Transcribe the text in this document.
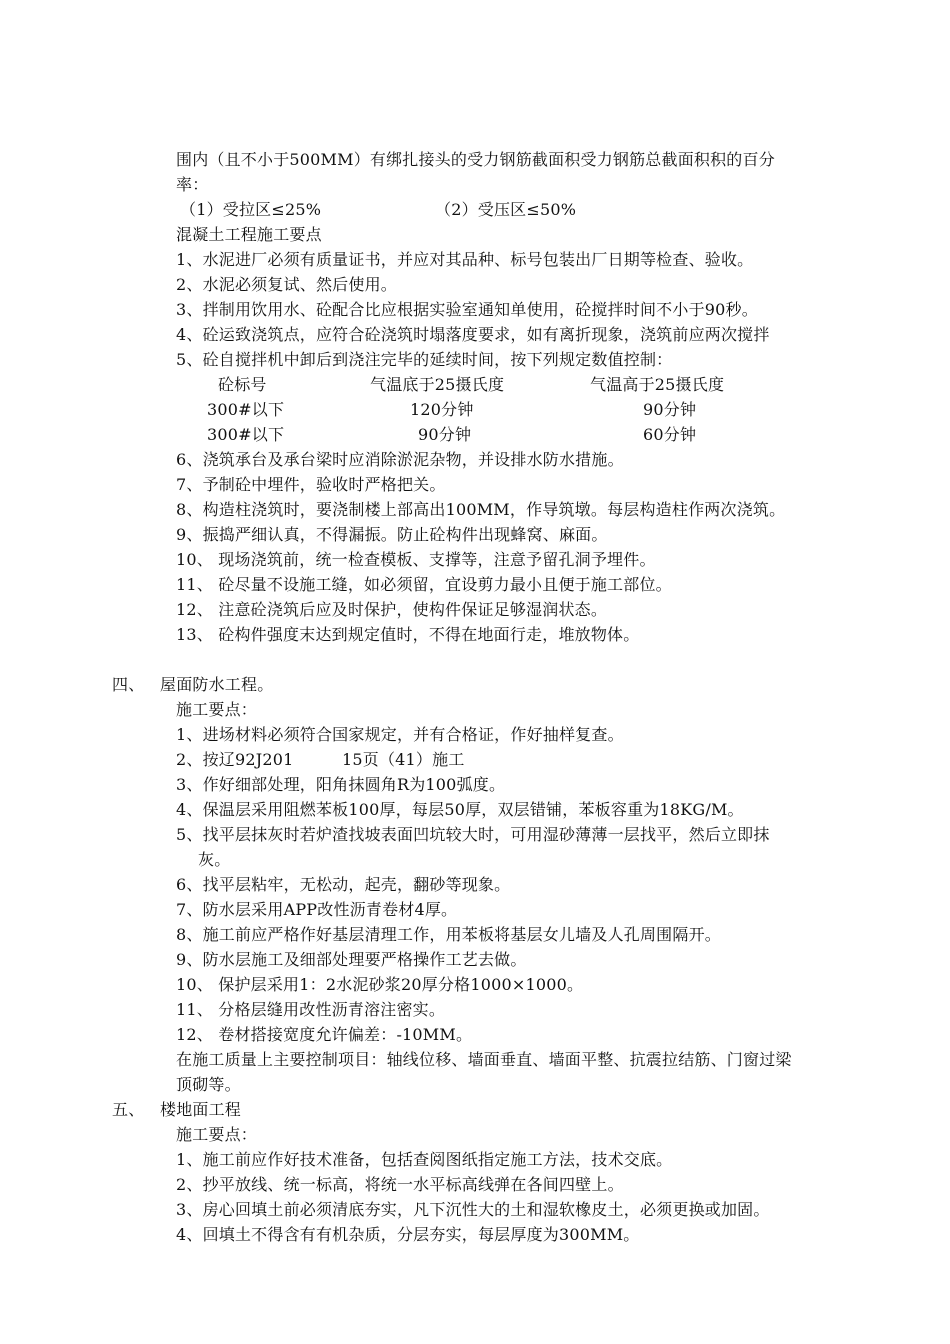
围内（且不小于500MM）有绑扎接头的受力钢筋截面积受力钢筋总截面积积的百分
率：
（1）受拉区≤25%	（2）受压区≤50%
混凝土工程施工要点
1、水泥进厂必须有质量证书，并应对其品种、标号包装出厂日期等检查、验收。
2、水泥必须复试、然后使用。
3、拌制用饮用水、砼配合比应根据实验室通知单使用，砼搅拌时间不小于90秒。
4、砼运致浇筑点，应符合砼浇筑时塌落度要求，如有离折现象，浇筑前应两次搅拌
5、砼自搅拌机中卸后到浇注完毕的延续时间，按下列规定数值控制：
砼标号	气温底于25摄氏度	气温高于25摄氏度
300#以下	120分钟	90分钟
300#以下	90分钟	60分钟
6、浇筑承台及承台梁时应消除淤泥杂物，并设排水防水措施。
7、予制砼中埋件，验收时严格把关。
8、构造柱浇筑时，要浇制楼上部高出100MM，作导筑墩。每层构造柱作两次浇筑。
9、振捣严细认真，不得漏振。防止砼构件出现蜂窝、麻面。
10、 现场浇筑前，统一检查模板、支撑等，注意予留孔洞予埋件。
11、 砼尽量不设施工缝，如必须留，宜设剪力最小且便于施工部位。
12、 注意砼浇筑后应及时保护，使构件保证足够湿润状态。
13、 砼构件强度末达到规定值时，不得在地面行走，堆放物体。
四、 屋面防水工程。
施工要点：
1、进场材料必须符合国家规定，并有合格证，作好抽样复查。
2、按辽92J201	15页（41）施工
3、作好细部处理，阳角抹圆角R为100弧度。
4、保温层采用阻燃苯板100厚，每层50厚，双层错铺，苯板容重为18KG/M。
5、找平层抹灰时若炉渣找坡表面凹坑较大时，可用湿砂薄薄一层找平，然后立即抹
灰。
6、找平层粘牢，无松动，起壳，翻砂等现象。
7、防水层采用APP改性沥青卷材4厚。
8、施工前应严格作好基层清理工作，用苯板将基层女儿墙及人孔周围隔开。
9、防水层施工及细部处理要严格操作工艺去做。
10、 保护层采用1：2水泥砂浆20厚分格1000×1000。
11、 分格层缝用改性沥青溶注密实。
12、 卷材搭接宽度允许偏差：-10MM。
在施工质量上主要控制项目：轴线位移、墙面垂直、墙面平整、抗震拉结筋、门窗过梁
顶砌等。
五、 楼地面工程
施工要点：
1、施工前应作好技术准备，包括查阅图纸指定施工方法，技术交底。
2、抄平放线、统一标高，将统一水平标高线弹在各间四壁上。
3、房心回填土前必须清底夯实，凡下沉性大的土和湿软橡皮土，必须更换或加固。
4、回填土不得含有有机杂质，分层夯实，每层厚度为300MM。
